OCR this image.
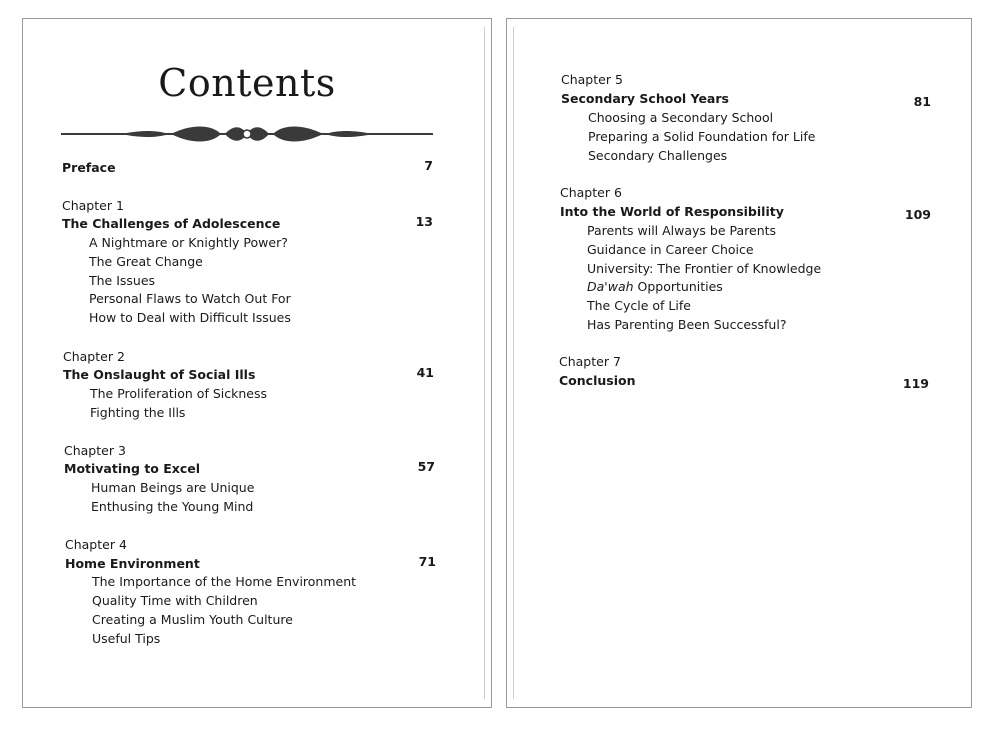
Contents
Preface	7
Chapter 1
The Challenges of Adolescence	13
A Nightmare or Knightly Power?
The Great Change
The Issues
Personal Flaws to Watch Out For
How to Deal with Difficult Issues
Chapter 2
The Onslaught of Social Ills	41
The Proliferation of Sickness
Fighting the Ills
Chapter 3
Motivating to Excel	57
Human Beings are Unique
Enthusing the Young Mind
Chapter 4
Home Environment	71
The Importance of the Home Environment
Quality Time with Children
Creating a Muslim Youth Culture
Useful Tips
Chapter 5
Secondary School Years	81
Choosing a Secondary School
Preparing a Solid Foundation for Life
Secondary Challenges
Chapter 6
Into the World of Responsibility	109
Parents will Always be Parents
Guidance in Career Choice
University: The Frontier of Knowledge
Da'wah Opportunities
The Cycle of Life
Has Parenting Been Successful?
Chapter 7
Conclusion	119
